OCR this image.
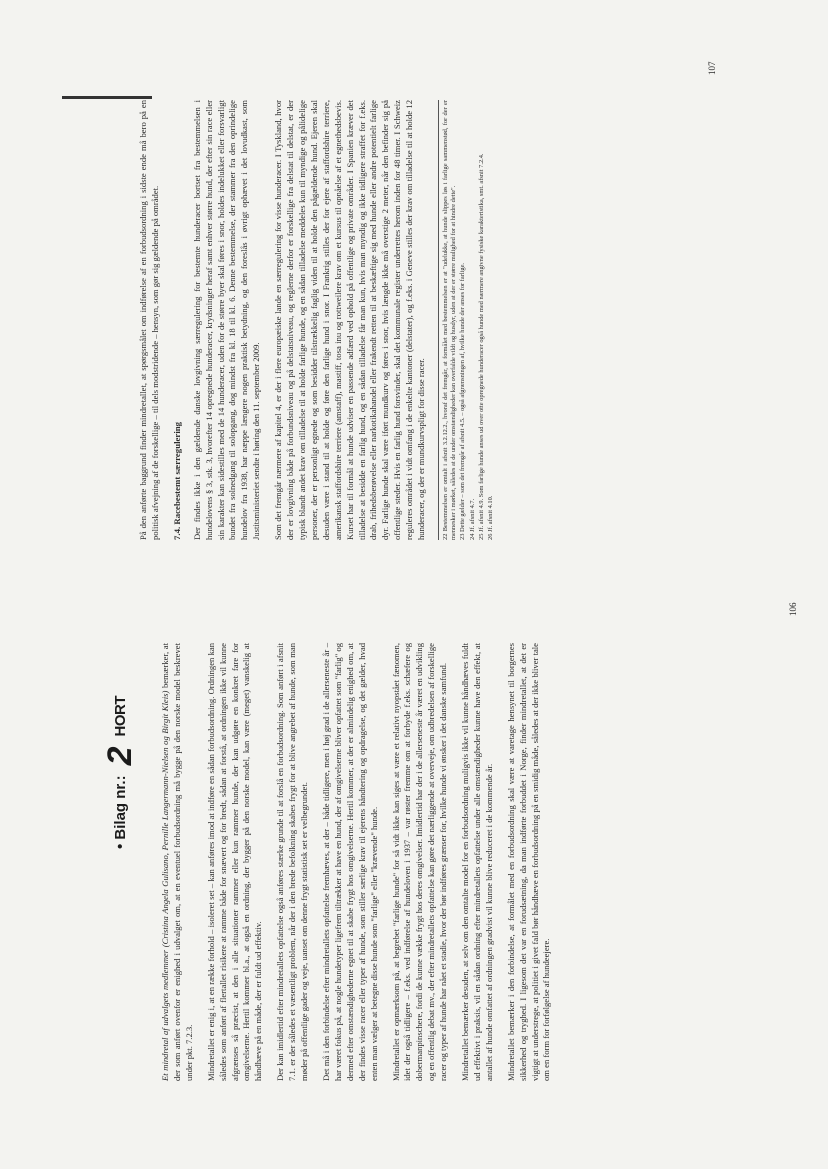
• Bilag nr.:
2
HORT	Et mindretal af udvalgets medlemmer (Cristina Angela Gulisano, Pernille Langermann-Nielsen og Birgit Kleis) bemærker, at der som anført ovenfor er enighed i udvalget om, at en eventuel forbudsordning må bygge på den norske model beskrevet under pkt. 7.2.3. Mindretallet er enig i, at en række forhold – isoleret set – kan anføres imod at indføre en sådan forbudsordning. Ordningen kan således som anført af flertallet risikere at ramme både for snævert og for bredt, sådan at forstå, at ordningen ikke vil kunne afgrænses så præcist, at den i alle situationer rammer eller kun rammer hunde, der kan udgøre en konkret fare for omgivelserne. Hertil kommer bl.a., at også en ordning, der bygger på den norske model, kan være (meget) vanskelig at håndhæve på en måde, der er fuldt ud effektiv. Der kan imidlertid efter mindretallets opfattelse også anføres stærke grunde til at forslå en forbudsordning. Som anført i afsnit 7.1. er der således et væsentligt problem, når der i den brede befolkning skabes frygt for at blive angrebet af hunde, som man møder på offentlige gader og veje, uanset om denne frygt statistisk set er velbegrundet. Det må i den forbindelse efter mindretallets opfattelse fremhæves, at der – både tidligere, men i høj grad i de allerseneste år – har været fokus på, at nogle hundetyper ligefrem tiltrækker at have en hund, der af omgivelserne bliver opfattet som "farlig" og dermed efter omstændighederne egnet til at skabe frygt hos omgivelserne. Hertil kommer, at der er almindelig enighed om, at der findes visse racer eller typer af hunde, som stiller særlige krav til ejerens håndtering og opdragelse, og det gælder, hvad enten man vælger at betegne disse hunde som "farlige" eller "krævende" hunde. Mindretallet er opmærksom på, at begrebet "farlige hunde" for så vidt ikke kan siges at være et relativt nyopstået fænomen, idet der også tidligere – f.eks. ved indførelse af hundeloven i 1937 – var røster fremme om at forbyde f.eks. schæfere og dobermanpinschere, fordi de kunne vække frygt hos deres omgivelser. Imidlertid har der i de allerseneste år været en udvikling og en offentlig debat mv., der efter mindretallets opfattelse kan gøre det nærliggende at overveje, om udbredelsen af forskellige racer og typer af hunde har nået et stadie, hvor der bør indføres grænser for, hvilke hunde vi ønsker i det danske samfund. Mindretallet bemærker desuden, at selv om den omtalte model for en forbudsordning muligvis ikke vil kunne håndhæves fuldt ud effektivt i praksis, vil en sådan ordning efter mindretallets opfattelse under alle omstændigheder kunne have den effekt, at antallet af hunde omfattet af ordningen gradvist vil kunne blive reduceret i de kommende år. Mindretallet bemærker i den forbindelse, at formålet med en forbudsordning skal være at varetage hensynet til borgernes sikkerhed og tryghed. I ligesom det var en forudsætning, da man indførte forbuddet i Norge, finder mindretallet, at det er vigtigt at understrege, at politiet i givet fald bør håndhæve en forbudsordning på en smidig måde, således at der ikke bliver tale om en form for forfølgelse af hundeejere.

106

På den anførte baggrund finder mindretallet, at spørgsmålet om indførelse af en forbudsordning i sidste ende må bero på en politisk afvejning af de forskellige – til dels modstridende – hensyn, som gør sig gældende på området. 7.4. Racebestemt særregulering Der findes ikke i den gældende danske lovgivning særregulering for bestemte hunderacer bortset fra bestemmelsen i hundelovens § 3, stk. 3, hvorefter 14 opregnede hunderacer, krydsninger heraf samt enhver større hund, der efter sin race eller sin karakter kan sidestilles med de 14 hunderacer, uden for de større byer skal føres i snor, holdes indelukket eller forsvarligt bundet fra solnedgang til solopgang, dog mindst fra kl. 18 til kl. 6. Denne bestemmelse, der stammer fra den oprindelige hundelov fra 1938, har næppe længere nogen praktisk betydning, og den foreslås i øvrigt ophævet i det lovudkast, som Justitsministeriet sendte i høring den 11. september 2009. Som det fremgår nærmere af kapitel 4, er der i flere europæiske lande en særregulering for visse hunderacer. I Tyskland, hvor der er lovgivning både på forbundsniveau og på delstatsniveau, og reglerne derfor er forskellige fra delstat til delstat, er der typisk blandt andet krav om tilladelse til at holde farlige hunde, og en sådan tilladelse meddeles kun til myndige og pålidelige personer, der er personligt egnede og som besidder tilstrækkelig faglig viden til at holde den pågældende hund. Ejeren skal desuden være i stand til at holde og føre den farlige hund i snor. I Frankrig stilles der for ejere af staffordshire terriere, amerikansk staffordshire terriere (amstaff), mastiff, tosa inu og rottweilere krav om et kursus til opnåelse af et egnethedsbevis. Kurset har til formål at hunde udviser en passende adfærd ved ophold på offentlige og private områder. I Spanien kræver det tilladelse at besidde en farlig hund, og en sådan tilladelse får man kun, hvis man myndig og ikke tidligere straffet for f.eks. drab, frihedsberøvelse eller narkotikahandel eller frakendt retten til at beskæftige sig med hunde eller andre potentielt farlige dyr. Farlige hunde skal være iført mundkurv og føres i snor, hvis længde ikke må overstige 2 meter, når den befinder sig på offentlige steder. Hvis en farlig hund forsvinder, skal det kommunale register underrettes herom inden for 48 timer. I Schweiz reguleres området i vidt omfang i de enkelte kantoner (delstater), og f.eks. i Geneve stilles der krav om tilladelse til at holde 12 hunderacer, og der er mundkurvspligt for disse racer. 22 Bestemmelsen er omtalt i afsnit 3.2.12.2., hvoraf det fremgår, at formålet med bestemmelsen er at "udelukke, at hunde slippes løs i farlige sammenstød, for der er mennesker i mørket, således at de under omstændigheder kan overfalde vildt og husdyr, uden at der er større mulighed for at hindre dette". 23 Dette gælder – som det fremgår af afsnit 4.5. – også afgrænsningen af, hvilke hunde der anses for farlige. 24 Jf. afsnit 4.7. 25 Jf. afsnit 4.9. Som farlige hunde anses ud over otte opregnede hunderacer også hunde med nærmere angivne fysiske karakteristika, smt. afsnit 7.2.4. 26 Jf. afsnit 4.10.
107
